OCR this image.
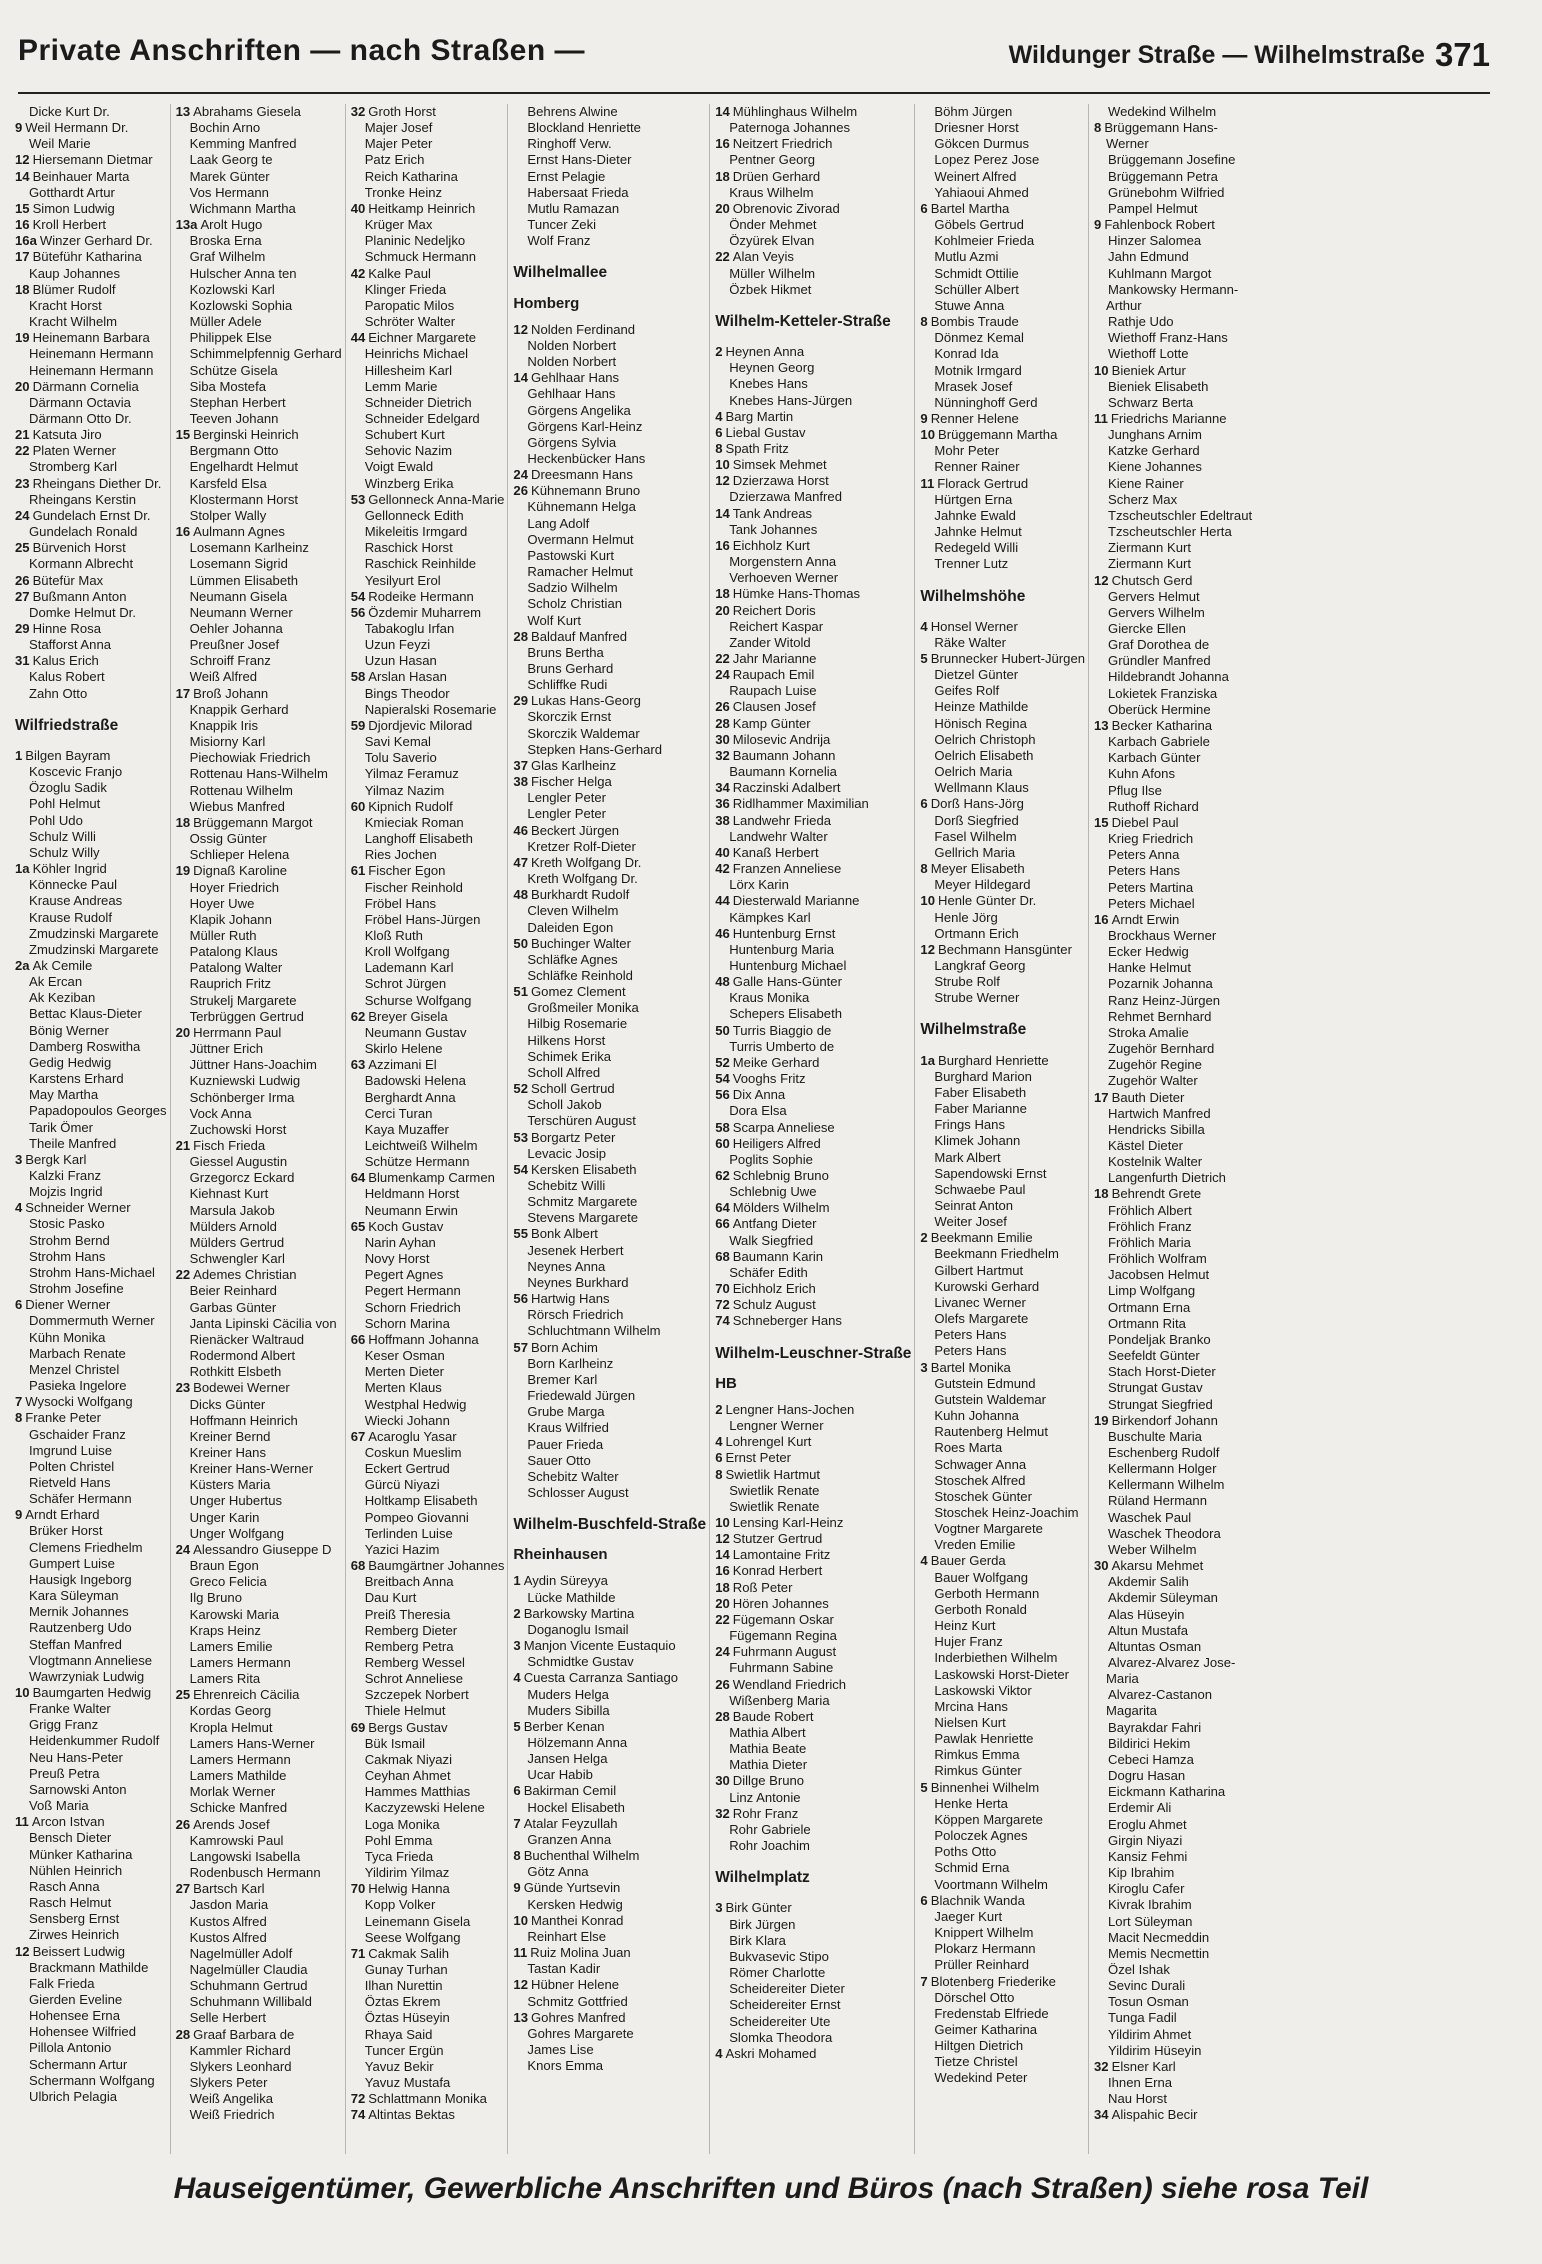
Private Anschriften — nach Straßen —	Wildunger Straße — Wilhelmstraße 371
Dicke Kurt Dr.
9 Weil Hermann Dr.
Weil Marie
12 Hiersemann Dietmar
14 Beinhauer Marta
Gotthardt Artur
15 Simon Ludwig
16 Kroll Herbert
16a Winzer Gerhard Dr.
17 Büteführ Katharina
Kaup Johannes
18 Blümer Rudolf
Kracht Horst
Kracht Wilhelm
19 Heinemann Barbara
Heinemann Hermann
Heinemann Hermann
20 Därmann Cornelia
Därmann Octavia
Därmann Otto Dr.
21 Katsuta Jiro
22 Platen Werner
Stromberg Karl
23 Rheingans Diether Dr.
Rheingans Kerstin
24 Gundelach Ernst Dr.
Gundelach Ronald
25 Bürvenich Horst
Kormann Albrecht
26 Bütefür Max
27 Bußmann Anton
Domke Helmut Dr.
29 Hinne Rosa
Stafforst Anna
31 Kalus Erich
Kalus Robert
Zahn Otto
Wilfriedstraße
1 Bilgen Bayram
Koscevic Franjo
Özoglu Sadik
Pohl Helmut
Pohl Udo
Schulz Willi
Schulz Willy
1a Köhler Ingrid
Könnecke Paul
Krause Andreas
Krause Rudolf
Zmudzinski Margarete
Zmudzinski Margarete
2a Ak Cemile
Ak Ercan
Ak Keziban
Bettac Klaus-Dieter
Bönig Werner
Damberg Roswitha
Gedig Hedwig
Karstens Erhard
May Martha
Papadopoulos Georges
Tarik Ömer
Theile Manfred
3 Bergk Karl
Kalzki Franz
Mojzis Ingrid
4 Schneider Werner
Stosic Pasko
Strohm Bernd
Strohm Hans
Strohm Hans-Michael
Strohm Josefine
6 Diener Werner
Dommermuth Werner
Kühn Monika
Marbach Renate
Menzel Christel
Pasieka Ingelore
7 Wysocki Wolfgang
8 Franke Peter
Gschaider Franz
Imgrund Luise
Polten Christel
Rietveld Hans
Schäfer Hermann
9 Arndt Erhard
Brüker Horst
Clemens Friedhelm
Gumpert Luise
Hausigk Ingeborg
Kara Süleyman
Mernik Johannes
Rautzenberg Udo
Steffan Manfred
Vlogtmann Anneliese
Wawrzyniak Ludwig
10 Baumgarten Hedwig
Franke Walter
Grigg Franz
Heidenkummer Rudolf
Neu Hans-Peter
Preuß Petra
Sarnowski Anton
Voß Maria
11 Arcon Istvan
Bensch Dieter
Münker Katharina
Nühlen Heinrich
Rasch Anna
Rasch Helmut
Sensberg Ernst
Zirwes Heinrich
12 Beissert Ludwig
Brackmann Mathilde
Falk Frieda
Gierden Eveline
Hohensee Erna
Hohensee Wilfried
Pillola Antonio
Schermann Artur
Schermann Wolfgang
Ulbrich Pelagia
13 Abrahams Giesela
Bochin Arno
Kemming Manfred
Laak Georg te
Marek Günter
Vos Hermann
Wichmann Martha
13a Arolt Hugo
Broska Erna
Graf Wilhelm
Hulscher Anna ten
Kozlowski Karl
Kozlowski Sophia
Müller Adele
Philippek Else
Schimmelpfennig Gerhard
Schütze Gisela
Siba Mostefa
Stephan Herbert
Teeven Johann
15 Berginski Heinrich
Bergmann Otto
Engelhardt Helmut
Karsfeld Elsa
Klostermann Horst
Stolper Wally
16 Aulmann Agnes
Losemann Karlheinz
Losemann Sigrid
Lümmen Elisabeth
Neumann Gisela
Neumann Werner
Oehler Johanna
Preußner Josef
Schroiff Franz
Weiß Alfred
17 Broß Johann
Knappik Gerhard
Knappik Iris
Misiorny Karl
Piechowiak Friedrich
Rottenau Hans-Wilhelm
Rottenau Wilhelm
Wiebus Manfred
18 Brüggemann Margot
Ossig Günter
Schlieper Helena
19 Dignaß Karoline
Hoyer Friedrich
Hoyer Uwe
Klapik Johann
Müller Ruth
Patalong Klaus
Patalong Walter
Rauprich Fritz
Strukelj Margarete
Terbrüggen Gertrud
20 Herrmann Paul
Jüttner Erich
Jüttner Hans-Joachim
Kuzniewski Ludwig
Schönberger Irma
Vock Anna
Zuchowski Horst
21 Fisch Frieda
Giessel Augustin
Grzegorcz Eckard
Kiehnast Kurt
Marsula Jakob
Mülders Arnold
Mülders Gertrud
Schwengler Karl
22 Ademes Christian
Beier Reinhard
Garbas Günter
Janta Lipinski Cäcilia von
Rienäcker Waltraud
Rodermond Albert
Rothkitt Elsbeth
23 Bodewei Werner
Dicks Günter
Hoffmann Heinrich
Kreiner Bernd
Kreiner Hans
Kreiner Hans-Werner
Küsters Maria
Unger Hubertus
Unger Karin
Unger Wolfgang
24 Alessandro Giuseppe D
Braun Egon
Greco Felicia
Ilg Bruno
Karowski Maria
Kraps Heinz
Lamers Emilie
Lamers Hermann
Lamers Rita
25 Ehrenreich Cäcilia
Kordas Georg
Kropla Helmut
Lamers Hans-Werner
Lamers Hermann
Lamers Mathilde
Morlak Werner
Schicke Manfred
26 Arends Josef
Kamrowski Paul
Langowski Isabella
Rodenbusch Hermann
27 Bartsch Karl
Jasdon Maria
Kustos Alfred
Kustos Alfred
Nagelmüller Adolf
Nagelmüller Claudia
Schuhmann Gertrud
Schuhmann Willibald
Selle Herbert
28 Graaf Barbara de
Kammler Richard
Slykers Leonhard
Slykers Peter
Weiß Angelika
Weiß Friedrich
32 Groth Horst
Majer Josef
Majer Peter
Patz Erich
Reich Katharina
Tronke Heinz
40 Heitkamp Heinrich
Krüger Max
Planinic Nedeljko
Schmuck Hermann
42 Kalke Paul
Klinger Frieda
Paropatic Milos
Schröter Walter
44 Eichner Margarete
Heinrichs Michael
Hillesheim Karl
Lemm Marie
Schneider Dietrich
Schneider Edelgard
Schubert Kurt
Sehovic Nazim
Voigt Ewald
Winzberg Erika
53 Gellonneck Anna-Marie
Gellonneck Edith
Mikeleitis Irmgard
Raschick Horst
Raschick Reinhilde
Yesilyurt Erol
54 Rodeike Hermann
56 Özdemir Muharrem
Tabakoglu Irfan
Uzun Feyzi
Uzun Hasan
58 Arslan Hasan
Bings Theodor
Napieralski Rosemarie
59 Djordjevic Milorad
Savi Kemal
Tolu Saverio
Yilmaz Feramuz
Yilmaz Nazim
60 Kipnich Rudolf
Kmieciak Roman
Langhoff Elisabeth
Ries Jochen
61 Fischer Egon
Fischer Reinhold
Fröbel Hans
Fröbel Hans-Jürgen
Kloß Ruth
Kroll Wolfgang
Lademann Karl
Schrot Jürgen
Schurse Wolfgang
62 Breyer Gisela
Neumann Gustav
Skirlo Helene
63 Azzimani El
Badowski Helena
Berghardt Anna
Cerci Turan
Kaya Muzaffer
Leichtweiß Wilhelm
Schütze Hermann
64 Blumenkamp Carmen
Heldmann Horst
Neumann Erwin
65 Koch Gustav
Narin Ayhan
Novy Horst
Pegert Agnes
Pegert Hermann
Schorn Friedrich
Schorn Marina
66 Hoffmann Johanna
Keser Osman
Merten Dieter
Merten Klaus
Westphal Hedwig
Wiecki Johann
67 Acaroglu Yasar
Coskun Mueslim
Eckert Gertrud
Gürcü Niyazi
Holtkamp Elisabeth
Pompeo Giovanni
Terlinden Luise
Yazici Hazim
68 Baumgärtner Johannes
Breitbach Anna
Dau Kurt
Preiß Theresia
Remberg Dieter
Remberg Petra
Remberg Wessel
Schrot Anneliese
Szczepek Norbert
Thiele Helmut
69 Bergs Gustav
Bük Ismail
Cakmak Niyazi
Ceyhan Ahmet
Hammes Matthias
Kaczyzewski Helene
Loga Monika
Pohl Emma
Tyca Frieda
Yildirim Yilmaz
70 Helwig Hanna
Kopp Volker
Leinemann Gisela
Seese Wolfgang
71 Cakmak Salih
Gunay Turhan
Ilhan Nurettin
Öztas Ekrem
Öztas Hüseyin
Rhaya Said
Tuncer Ergün
Yavuz Bekir
Yavuz Mustafa
72 Schlattmann Monika
74 Altintas Bektas
Behrens Alwine
Blockland Henriette
Ringhoff Verw.
Ernst Hans-Dieter
Ernst Pelagie
Habersaat Frieda
Mutlu Ramazan
Tuncer Zeki
Wolf Franz
Wilhelmallee
Homberg
12 Nolden Ferdinand
Nolden Norbert
Nolden Norbert
14 Gehlhaar Hans
Gehlhaar Hans
Görgens Angelika
Görgens Karl-Heinz
Görgens Sylvia
Heckenbücker Hans
24 Dreesmann Hans
26 Kühnemann Bruno
Kühnemann Helga
Lang Adolf
Overmann Helmut
Pastowski Kurt
Ramacher Helmut
Sadzio Wilhelm
Scholz Christian
Wolf Kurt
28 Baldauf Manfred
Bruns Bertha
Bruns Gerhard
Schliffke Rudi
29 Lukas Hans-Georg
Skorczik Ernst
Skorczik Waldemar
Stepken Hans-Gerhard
37 Glas Karlheinz
38 Fischer Helga
Lengler Peter
Lengler Peter
46 Beckert Jürgen
Kretzer Rolf-Dieter
47 Kreth Wolfgang Dr.
Kreth Wolfgang Dr.
48 Burkhardt Rudolf
Cleven Wilhelm
Daleiden Egon
50 Buchinger Walter
Schläfke Agnes
Schläfke Reinhold
51 Gomez Clement
Großmeiler Monika
Hilbig Rosemarie
Hilkens Horst
Schimek Erika
Scholl Alfred
52 Scholl Gertrud
Scholl Jakob
Terschüren August
53 Borgartz Peter
Levacic Josip
54 Kersken Elisabeth
Schebitz Willi
Schmitz Margarete
Stevens Margarete
55 Bonk Albert
Jesenek Herbert
Neynes Anna
Neynes Burkhard
56 Hartwig Hans
Rörsch Friedrich
Schluchtmann Wilhelm
57 Born Achim
Born Karlheinz
Bremer Karl
Friedewald Jürgen
Grube Marga
Kraus Wilfried
Pauer Frieda
Sauer Otto
Schebitz Walter
Schlosser August
Wilhelm-Buschfeld-Straße
Rheinhausen
1 Aydin Süreyya
Lücke Mathilde
2 Barkowsky Martina
Doganoglu Ismail
3 Manjon Vicente Eustaquio
Schmidtke Gustav
4 Cuesta Carranza Santiago
Muders Helga
Muders Sibilla
5 Berber Kenan
Hölzemann Anna
Jansen Helga
Ucar Habib
6 Bakirman Cemil
Hockel Elisabeth
7 Atalar Feyzullah
Granzen Anna
8 Buchenthal Wilhelm
Götz Anna
9 Günde Yurtsevin
Kersken Hedwig
10 Manthei Konrad
Reinhart Else
11 Ruiz Molina Juan
Tastan Kadir
12 Hübner Helene
Schmitz Gottfried
13 Gohres Manfred
Gohres Margarete
James Lise
Knors Emma
14 Mühlinghaus Wilhelm
Paternoga Johannes
16 Neitzert Friedrich
Pentner Georg
18 Drüen Gerhard
Kraus Wilhelm
20 Obrenovic Zivorad
Önder Mehmet
Özyürek Elvan
22 Alan Veyis
Müller Wilhelm
Özbek Hikmet
Wilhelm-Ketteler-Straße
2 Heynen Anna
Heynen Georg
Knebes Hans
Knebes Hans-Jürgen
4 Barg Martin
6 Liebal Gustav
8 Spath Fritz
10 Simsek Mehmet
12 Dzierzawa Horst
Dzierzawa Manfred
14 Tank Andreas
Tank Johannes
16 Eichholz Kurt
Morgenstern Anna
Verhoeven Werner
18 Hümke Hans-Thomas
20 Reichert Doris
Reichert Kaspar
Zander Witold
22 Jahr Marianne
24 Raupach Emil
Raupach Luise
26 Clausen Josef
28 Kamp Günter
30 Milosevic Andrija
32 Baumann Johann
Baumann Kornelia
34 Raczinski Adalbert
36 Ridlhammer Maximilian
38 Landwehr Frieda
Landwehr Walter
40 Kanaß Herbert
42 Franzen Anneliese
Lörx Karin
44 Diesterwald Marianne
Kämpkes Karl
46 Huntenburg Ernst
Huntenburg Maria
Huntenburg Michael
48 Galle Hans-Günter
Kraus Monika
Schepers Elisabeth
50 Turris Biaggio de
Turris Umberto de
52 Meike Gerhard
54 Vooghs Fritz
56 Dix Anna
Dora Elsa
58 Scarpa Anneliese
60 Heiligers Alfred
Poglits Sophie
62 Schlebnig Bruno
Schlebnig Uwe
64 Mölders Wilhelm
66 Antfang Dieter
Walk Siegfried
68 Baumann Karin
Schäfer Edith
70 Eichholz Erich
72 Schulz August
74 Schneberger Hans
Wilhelm-Leuschner-Straße
HB
2 Lengner Hans-Jochen
Lengner Werner
4 Lohrengel Kurt
6 Ernst Peter
8 Swietlik Hartmut
Swietlik Renate
Swietlik Renate
10 Lensing Karl-Heinz
12 Stutzer Gertrud
14 Lamontaine Fritz
16 Konrad Herbert
18 Roß Peter
20 Hören Johannes
22 Fügemann Oskar
Fügemann Regina
24 Fuhrmann August
Fuhrmann Sabine
26 Wendland Friedrich
Wißenberg Maria
28 Baude Robert
Mathia Albert
Mathia Beate
Mathia Dieter
30 Dillge Bruno
Linz Antonie
32 Rohr Franz
Rohr Gabriele
Rohr Joachim
Wilhelmplatz
3 Birk Günter
Birk Jürgen
Birk Klara
Bukvasevic Stipo
Römer Charlotte
Scheidereiter Dieter
Scheidereiter Ernst
Scheidereiter Ute
Slomka Theodora
4 Askri Mohamed
Böhm Jürgen
Driesner Horst
Gökcen Durmus
Lopez Perez Jose
Weinert Alfred
Yahiaoui Ahmed
6 Bartel Martha
Göbels Gertrud
Kohlmeier Frieda
Mutlu Azmi
Schmidt Ottilie
Schüller Albert
Stuwe Anna
8 Bombis Traude
Dönmez Kemal
Konrad Ida
Motnik Irmgard
Mrasek Josef
Nünninghoff Gerd
9 Renner Helene
10 Brüggemann Martha
Mohr Peter
Renner Rainer
11 Florack Gertrud
Hürtgen Erna
Jahnke Ewald
Jahnke Helmut
Redegeld Willi
Trenner Lutz
Wilhelmshöhe
4 Honsel Werner
Räke Walter
5 Brunnecker Hubert-Jürgen
Dietzel Günter
Geifes Rolf
Heinze Mathilde
Hönisch Regina
Oelrich Christoph
Oelrich Elisabeth
Oelrich Maria
Wellmann Klaus
6 Dorß Hans-Jörg
Dorß Siegfried
Fasel Wilhelm
Gellrich Maria
8 Meyer Elisabeth
Meyer Hildegard
10 Henle Günter Dr.
Henle Jörg
Ortmann Erich
12 Bechmann Hansgünter
Langkraf Georg
Strube Rolf
Strube Werner
Wilhelmstraße
1a Burghard Henriette
Burghard Marion
Faber Elisabeth
Faber Marianne
Frings Hans
Klimek Johann
Mark Albert
Sapendowski Ernst
Schwaebe Paul
Seinrat Anton
Weiter Josef
2 Beekmann Emilie
Beekmann Friedhelm
Gilbert Hartmut
Kurowski Gerhard
Livanec Werner
Olefs Margarete
Peters Hans
Peters Hans
3 Bartel Monika
Gutstein Edmund
Gutstein Waldemar
Kuhn Johanna
Rautenberg Helmut
Roes Marta
Schwager Anna
Stoschek Alfred
Stoschek Günter
Stoschek Heinz-Joachim
Vogtner Margarete
Vreden Emilie
4 Bauer Gerda
Bauer Wolfgang
Gerboth Hermann
Gerboth Ronald
Heinz Kurt
Hujer Franz
Inderbiethen Wilhelm
Laskowski Horst-Dieter
Laskowski Viktor
Mrcina Hans
Nielsen Kurt
Pawlak Henriette
Rimkus Emma
Rimkus Günter
5 Binnenhei Wilhelm
Henke Herta
Köppen Margarete
Poloczek Agnes
Poths Otto
Schmid Erna
Voortmann Wilhelm
6 Blachnik Wanda
Jaeger Kurt
Knippert Wilhelm
Plokarz Hermann
Prüller Reinhard
7 Blotenberg Friederike
Dörschel Otto
Fredenstab Elfriede
Geimer Katharina
Hiltgen Dietrich
Tietze Christel
Wedekind Peter
Wedekind Wilhelm
8 Brüggemann Hans-
Werner
Brüggemann Josefine
Brüggemann Petra
Grünebohm Wilfried
Pampel Helmut
9 Fahlenbock Robert
Hinzer Salomea
Jahn Edmund
Kuhlmann Margot
Mankowsky Hermann-
Arthur
Rathje Udo
Wiethoff Franz-Hans
Wiethoff Lotte
10 Bieniek Artur
Bieniek Elisabeth
Schwarz Berta
11 Friedrichs Marianne
Junghans Arnim
Katzke Gerhard
Kiene Johannes
Kiene Rainer
Scherz Max
Tzscheutschler Edeltraut
Tzscheutschler Herta
Ziermann Kurt
Ziermann Kurt
12 Chutsch Gerd
Gervers Helmut
Gervers Wilhelm
Giercke Ellen
Graf Dorothea de
Gründler Manfred
Hildebrandt Johanna
Lokietek Franziska
Oberück Hermine
13 Becker Katharina
Karbach Gabriele
Karbach Günter
Kuhn Afons
Pflug Ilse
Ruthoff Richard
15 Diebel Paul
Krieg Friedrich
Peters Anna
Peters Hans
Peters Martina
Peters Michael
16 Arndt Erwin
Brockhaus Werner
Ecker Hedwig
Hanke Helmut
Pozarnik Johanna
Ranz Heinz-Jürgen
Rehmet Bernhard
Stroka Amalie
Zugehör Bernhard
Zugehör Regine
Zugehör Walter
17 Bauth Dieter
Hartwich Manfred
Hendricks Sibilla
Kästel Dieter
Kostelnik Walter
Langenfurth Dietrich
18 Behrendt Grete
Fröhlich Albert
Fröhlich Franz
Fröhlich Maria
Fröhlich Wolfram
Jacobsen Helmut
Limp Wolfgang
Ortmann Erna
Ortmann Rita
Pondeljak Branko
Seefeldt Günter
Stach Horst-Dieter
Strungat Gustav
Strungat Siegfried
19 Birkendorf Johann
Buschulte Maria
Eschenberg Rudolf
Kellermann Holger
Kellermann Wilhelm
Rüland Hermann
Waschek Paul
Waschek Theodora
Weber Wilhelm
30 Akarsu Mehmet
Akdemir Salih
Akdemir Süleyman
Alas Hüseyin
Altun Mustafa
Altuntas Osman
Alvarez-Alvarez Jose-
Maria
Alvarez-Castanon
Magarita
Bayrakdar Fahri
Bildirici Hekim
Cebeci Hamza
Dogru Hasan
Eickmann Katharina
Erdemir Ali
Eroglu Ahmet
Girgin Niyazi
Kansiz Fehmi
Kip Ibrahim
Kiroglu Cafer
Kivrak Ibrahim
Lort Süleyman
Macit Necmeddin
Memis Necmettin
Özel Ishak
Sevinc Durali
Tosun Osman
Tunga Fadil
Yildirim Ahmet
Yildirim Hüseyin
32 Elsner Karl
Ihnen Erna
Nau Horst
34 Alispahic Becir
Hauseigentümer, Gewerbliche Anschriften und Büros (nach Straßen) siehe rosa Teil
